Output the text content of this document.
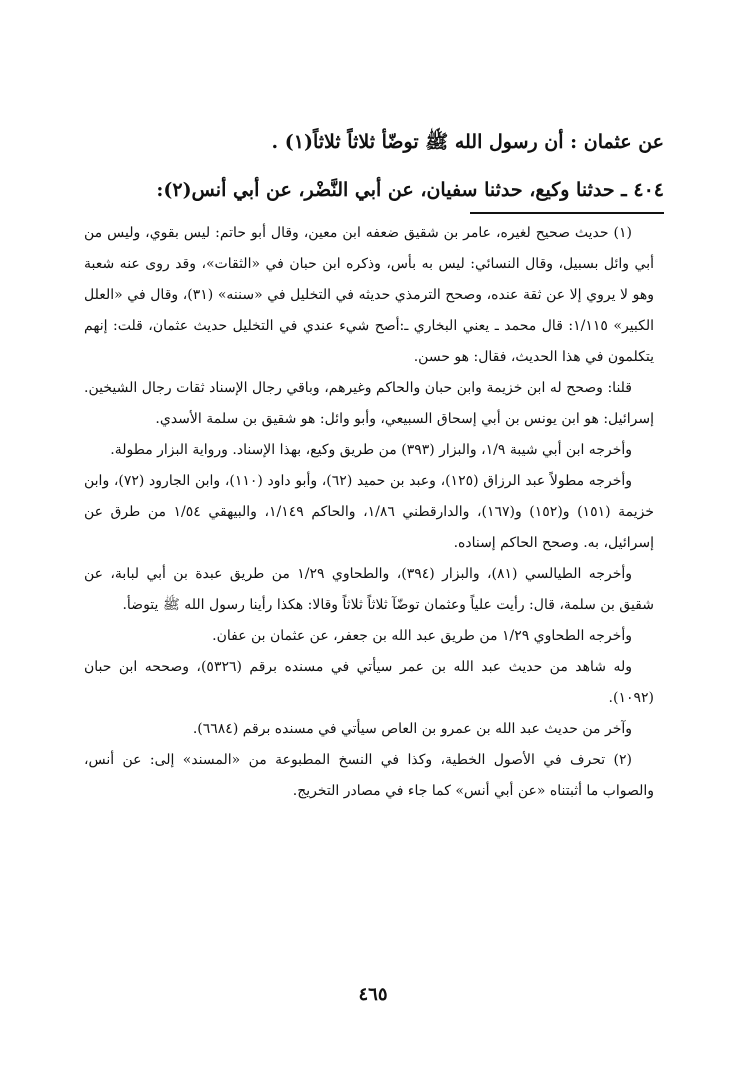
عن عثمان : أن رسول الله ﷺ توضّأ ثلاثاً ثلاثاً(١) .
٤٠٤ ـ حدثنا وكيع، حدثنا سفيان، عن أبي النَّضْر، عن أبي أنس(٢):

(١) حديث صحيح لغيره، عامر بن شقيق ضعفه ابن معين، وقال أبو حاتم: ليس بقوي، وليس من أبي وائل بسبيل، وقال النسائي: ليس به بأس، وذكره ابن حبان في «الثقات»، وقد روى عنه شعبة وهو لا يروي إلا عن ثقة عنده، وصحح الترمذي حديثه في التخليل في «سننه» (٣١)، وقال في «العلل الكبير» ١/١١٥: قال محمد ـ يعني البخاري ـ:أصح شيء عندي في التخليل حديث عثمان، قلت: إنهم يتكلمون في هذا الحديث، فقال: هو حسن.

قلنا: وصحح له ابن خزيمة وابن حبان والحاكم وغيرهم، وباقي رجال الإسناد ثقات رجال الشيخين. إسرائيل: هو ابن يونس بن أبي إسحاق السبيعي، وأبو وائل: هو شقيق بن سلمة الأسدي.

وأخرجه ابن أبي شيبة ١/٩، والبزار (٣٩٣) من طريق وكيع، بهذا الإسناد. ورواية البزار مطولة.

وأخرجه مطولاً عبد الرزاق (١٢٥)، وعبد بن حميد (٦٢)، وأبو داود (١١٠)، وابن الجارود (٧٢)، وابن خزيمة (١٥١) و(١٥٢) و(١٦٧)، والدارقطني ١/٨٦، والحاكم ١/١٤٩، والبيهقي ١/٥٤ من طرق عن إسرائيل، به. وصحح الحاكم إسناده.

وأخرجه الطيالسي (٨١)، والبزار (٣٩٤)، والطحاوي ١/٢٩ من طريق عبدة بن أبي لبابة، عن شقيق بن سلمة، قال: رأيت علياً وعثمان توضّآ ثلاثاً ثلاثاً وقالا: هكذا رأينا رسول الله ﷺ يتوضأ.

وأخرجه الطحاوي ١/٢٩ من طريق عبد الله بن جعفر، عن عثمان بن عفان.

وله شاهد من حديث عبد الله بن عمر سيأتي في مسنده برقم (٥٣٢٦)، وصححه ابن حبان (١٠٩٢).

وآخر من حديث عبد الله بن عمرو بن العاص سيأتي في مسنده برقم (٦٦٨٤).

(٢) تحرف في الأصول الخطية، وكذا في النسخ المطبوعة من «المسند» إلى: عن أنس، والصواب ما أثبتناه «عن أبي أنس» كما جاء في مصادر التخريج.

٤٦٥
